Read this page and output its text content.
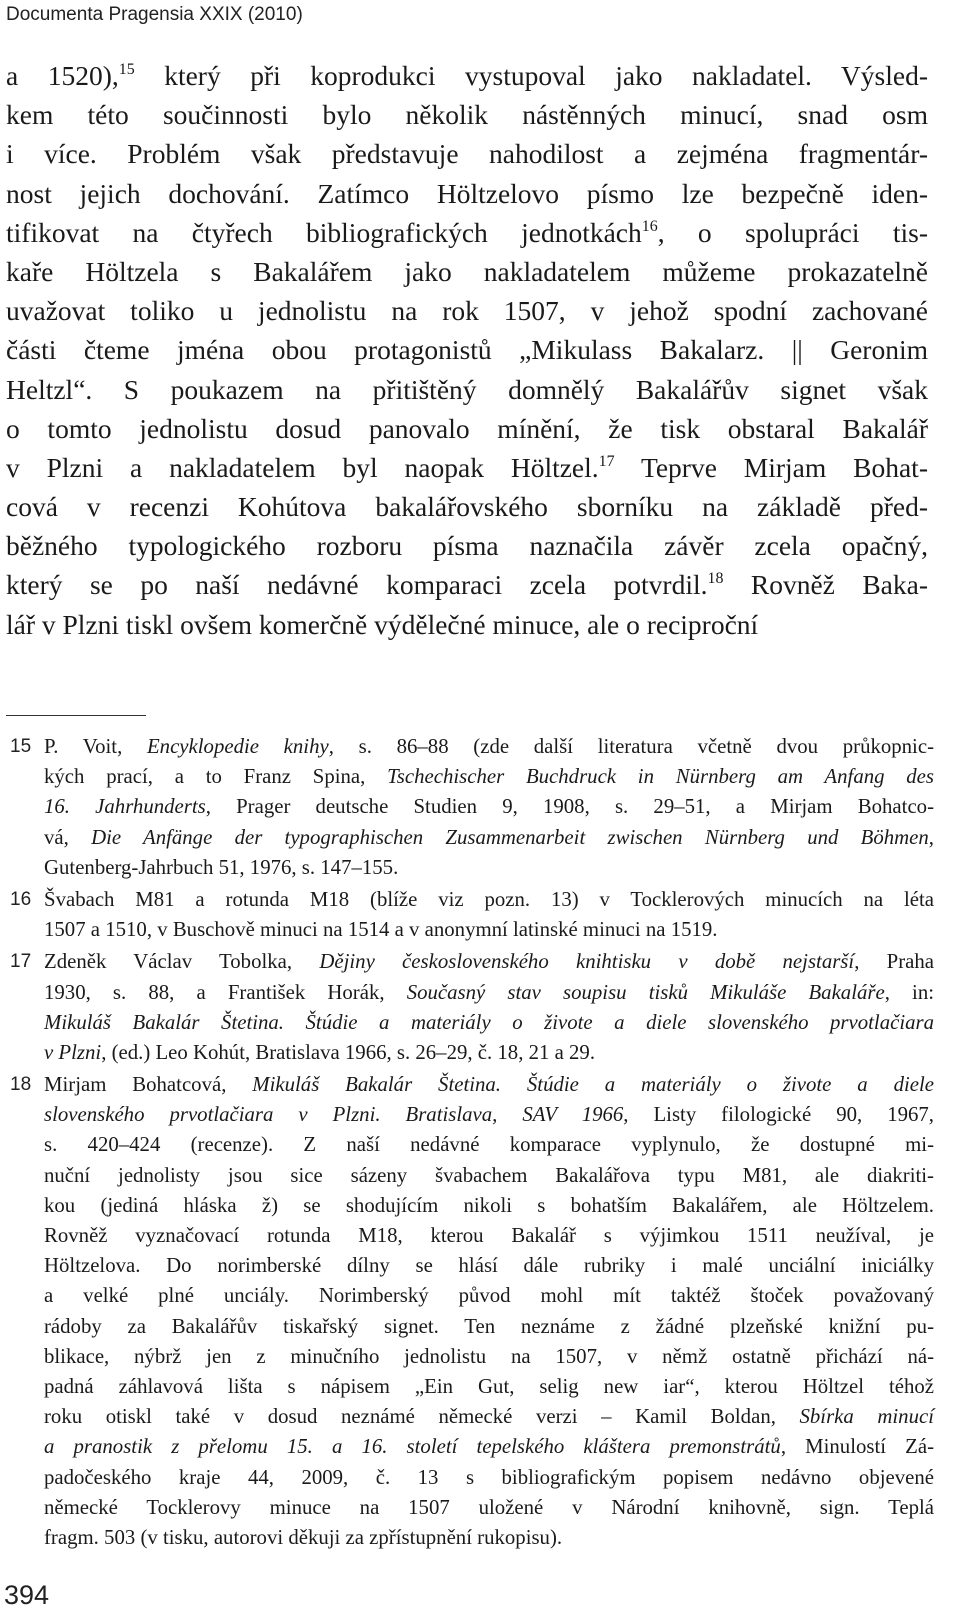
Documenta Pragensia XXIX (2010)
a 1520),$^{15}$ který při koprodukci vystupoval jako nakladatel. Výsled-
kem této součinnosti bylo několik nástěnných minucí, snad osm
i více. Problém však představuje nahodilost a zejména fragmentár-
nost jejich dochování. Zatímco Höltzelovo písmo lze bezpečně iden-
tifikovat na čtyřech bibliografických jednotkách$^{16}$, o spolupráci tis-
kaře Höltzela s Bakalářem jako nakladatelem můžeme prokazatelně
uvažovat toliko u jednolistu na rok 1507, v jehož spodní zachované
části čteme jména obou protagonistů „Mikulass Bakalarz. || Geronim
Heltzl“. S poukazem na přitištěný domnělý Bakalářův signet však
o tomto jednolistu dosud panovalo mínění, že tisk obstaral Bakalář
v Plzni a nakladatelem byl naopak Höltzel.$^{17}$ Teprve Mirjam Bohat-
cová v recenzi Kohútova bakalářovského sborníku na základě před-
běžného typologického rozboru písma naznačila závěr zcela opačný,
který se po naší nedávné komparaci zcela potvrdil.$^{18}$ Rovněž Baka-
lář v Plzni tiskl ovšem komerčně výdělečné minuce, ale o reciproční
15 P. Voit, Encyklopedie knihy, s. 86–88 (zde další literatura včetně dvou průkopnic-
kých prací, a to Franz Spina, Tschechischer Buchdruck in Nürnberg am Anfang des
16. Jahrhunderts, Prager deutsche Studien 9, 1908, s. 29–51, a Mirjam Bohatco-
vá, Die Anfänge der typographischen Zusammenarbeit zwischen Nürnberg und Böhmen,
Gutenberg-Jahrbuch 51, 1976, s. 147–155.
16 Švabach M81 a rotunda M18 (blíže viz pozn. 13) v Tocklerových minucích na léta
1507 a 1510, v Buschově minuci na 1514 a v anonymní latinské minuci na 1519.
17 Zdeněk Václav Tobolka, Dějiny československého knihtisku v době nejstarší, Praha
1930, s. 88, a František Horák, Současný stav soupisu tisků Mikuláše Bakaláře, in:
Mikuláš Bakalár Štetina. Štúdie a materiály o živote a diele slovenského prvotlačiara
v Plzni, (ed.) Leo Kohút, Bratislava 1966, s. 26–29, č. 18, 21 a 29.
18 Mirjam Bohatcová, Mikuláš Bakalár Štetina. Štúdie a materiály o živote a diele
slovenského prvotlačiara v Plzni. Bratislava, SAV 1966, Listy filologické 90, 1967,
s. 420–424 (recenze). Z naší nedávné komparace vyplynulo, že dostupné mi-
nuční jednolisty jsou sice sázeny švabachem Bakalářova typu M81, ale diakriti-
kou (jediná hláska ž) se shodujícím nikoli s bohatším Bakalářem, ale Höltzelem.
Rovněž vyznačovací rotunda M18, kterou Bakalář s výjimkou 1511 neužíval, je
Höltzelova. Do norimberské dílny se hlásí dále rubriky i malé unciální iniciálky
a velké plné unciály. Norimberský původ mohl mít taktéž štoček považovaný
rádoby za Bakalářův tiskařský signet. Ten neznáme z žádné plzeňské knižní pu-
blikace, nýbrž jen z minučního jednolistu na 1507, v němž ostatně přichází ná-
padná záhlavová lišta s nápisem „Ein Gut, selig new iar“, kterou Höltzel téhož
roku otiskl také v dosud neznámé německé verzi – Kamil Boldan, Sbírka minucí
a pranostik z přelomu 15. a 16. století tepelského kláštera premonstrátů, Minulostí Zá-
padočeského kraje 44, 2009, č. 13 s bibliografickým popisem nedávno objevené
německé Tocklerovy minuce na 1507 uložené v Národní knihovně, sign. Teplá
fragm. 503 (v tisku, autorovi děkuji za zpřístupnění rukopisu).
394
